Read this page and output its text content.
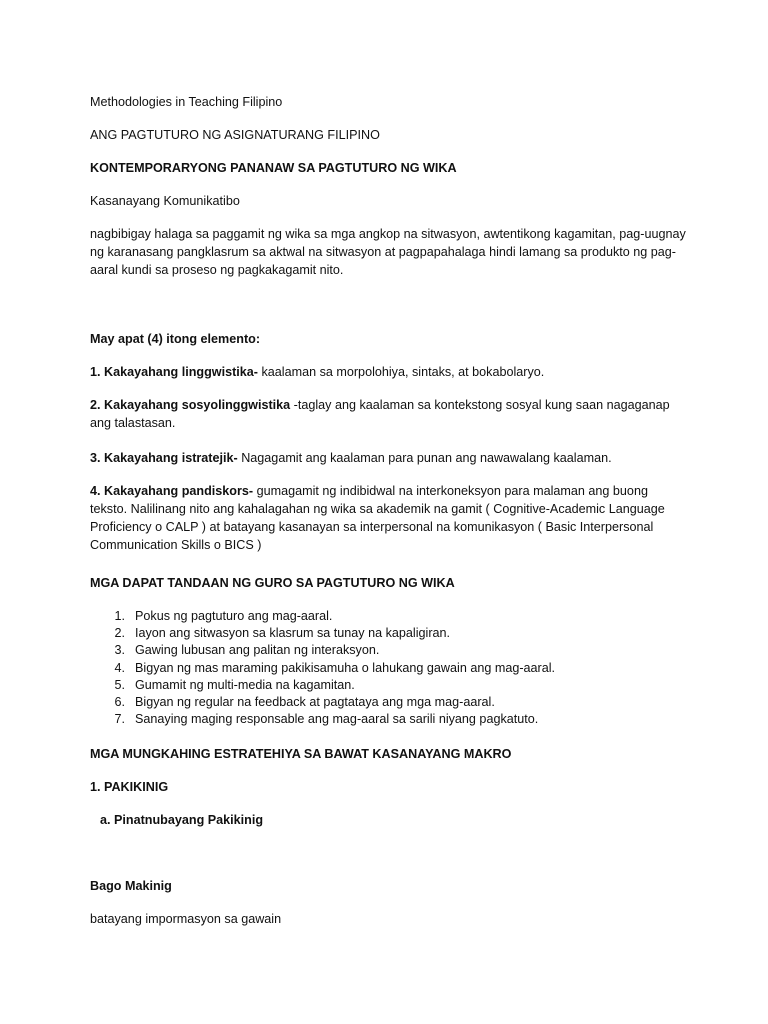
Methodologies in Teaching Filipino

ANG PAGTUTURO NG ASIGNATURANG FILIPINO

KONTEMPORARYONG PANANAW SA PAGTUTURO NG WIKA

Kasanayang Komunikatibo

nagbibigay halaga sa paggamit ng wika sa mga angkop na sitwasyon, awtentikong kagamitan, pag-uugnay ng karanasang pangklasrum sa aktwal na sitwasyon at pagpapahalaga hindi lamang sa produkto ng pag-aaral kundi sa proseso ng pagkakagamit nito.

May apat (4) itong elemento:

1. Kakayahang linggwistika- kaalaman sa morpolohiya, sintaks, at bokabolaryo.

2. Kakayahang sosyolinggwistika -taglay ang kaalaman sa kontekstong sosyal kung saan nagaganap ang talastasan.

3. Kakayahang istratejik- Nagagamit ang kaalaman para punan ang nawawalang kaalaman.

4. Kakayahang pandiskors- gumagamit ng indibidwal na interkoneksyon para malaman ang buong teksto. Nalilinang nito ang kahalagahan ng wika sa akademik na gamit ( Cognitive-Academic Language Proficiency o CALP ) at batayang kasanayan sa interpersonal na komunikasyon ( Basic Interpersonal Communication Skills o BICS )

MGA DAPAT TANDAAN NG GURO SA PAGTUTURO NG WIKA

1. Pokus ng pagtuturo ang mag-aaral.
2. Iayon ang sitwasyon sa klasrum sa tunay na kapaligiran.
3. Gawing lubusan ang palitan ng interaksyon.
4. Bigyan ng mas maraming pakikisamuha o lahukang gawain ang mag-aaral.
5. Gumamit ng multi-media na kagamitan.
6. Bigyan ng regular na feedback at pagtataya ang mga mag-aaral.
7. Sanaying maging responsable ang mag-aaral sa sarili niyang pagkatuto.

MGA MUNGKAHING ESTRATEHIYA SA BAWAT KASANAYANG MAKRO

1. PAKIKINIG

a. Pinatnubayang Pakikinig

Bago Makinig

batayang impormasyon sa gawain
